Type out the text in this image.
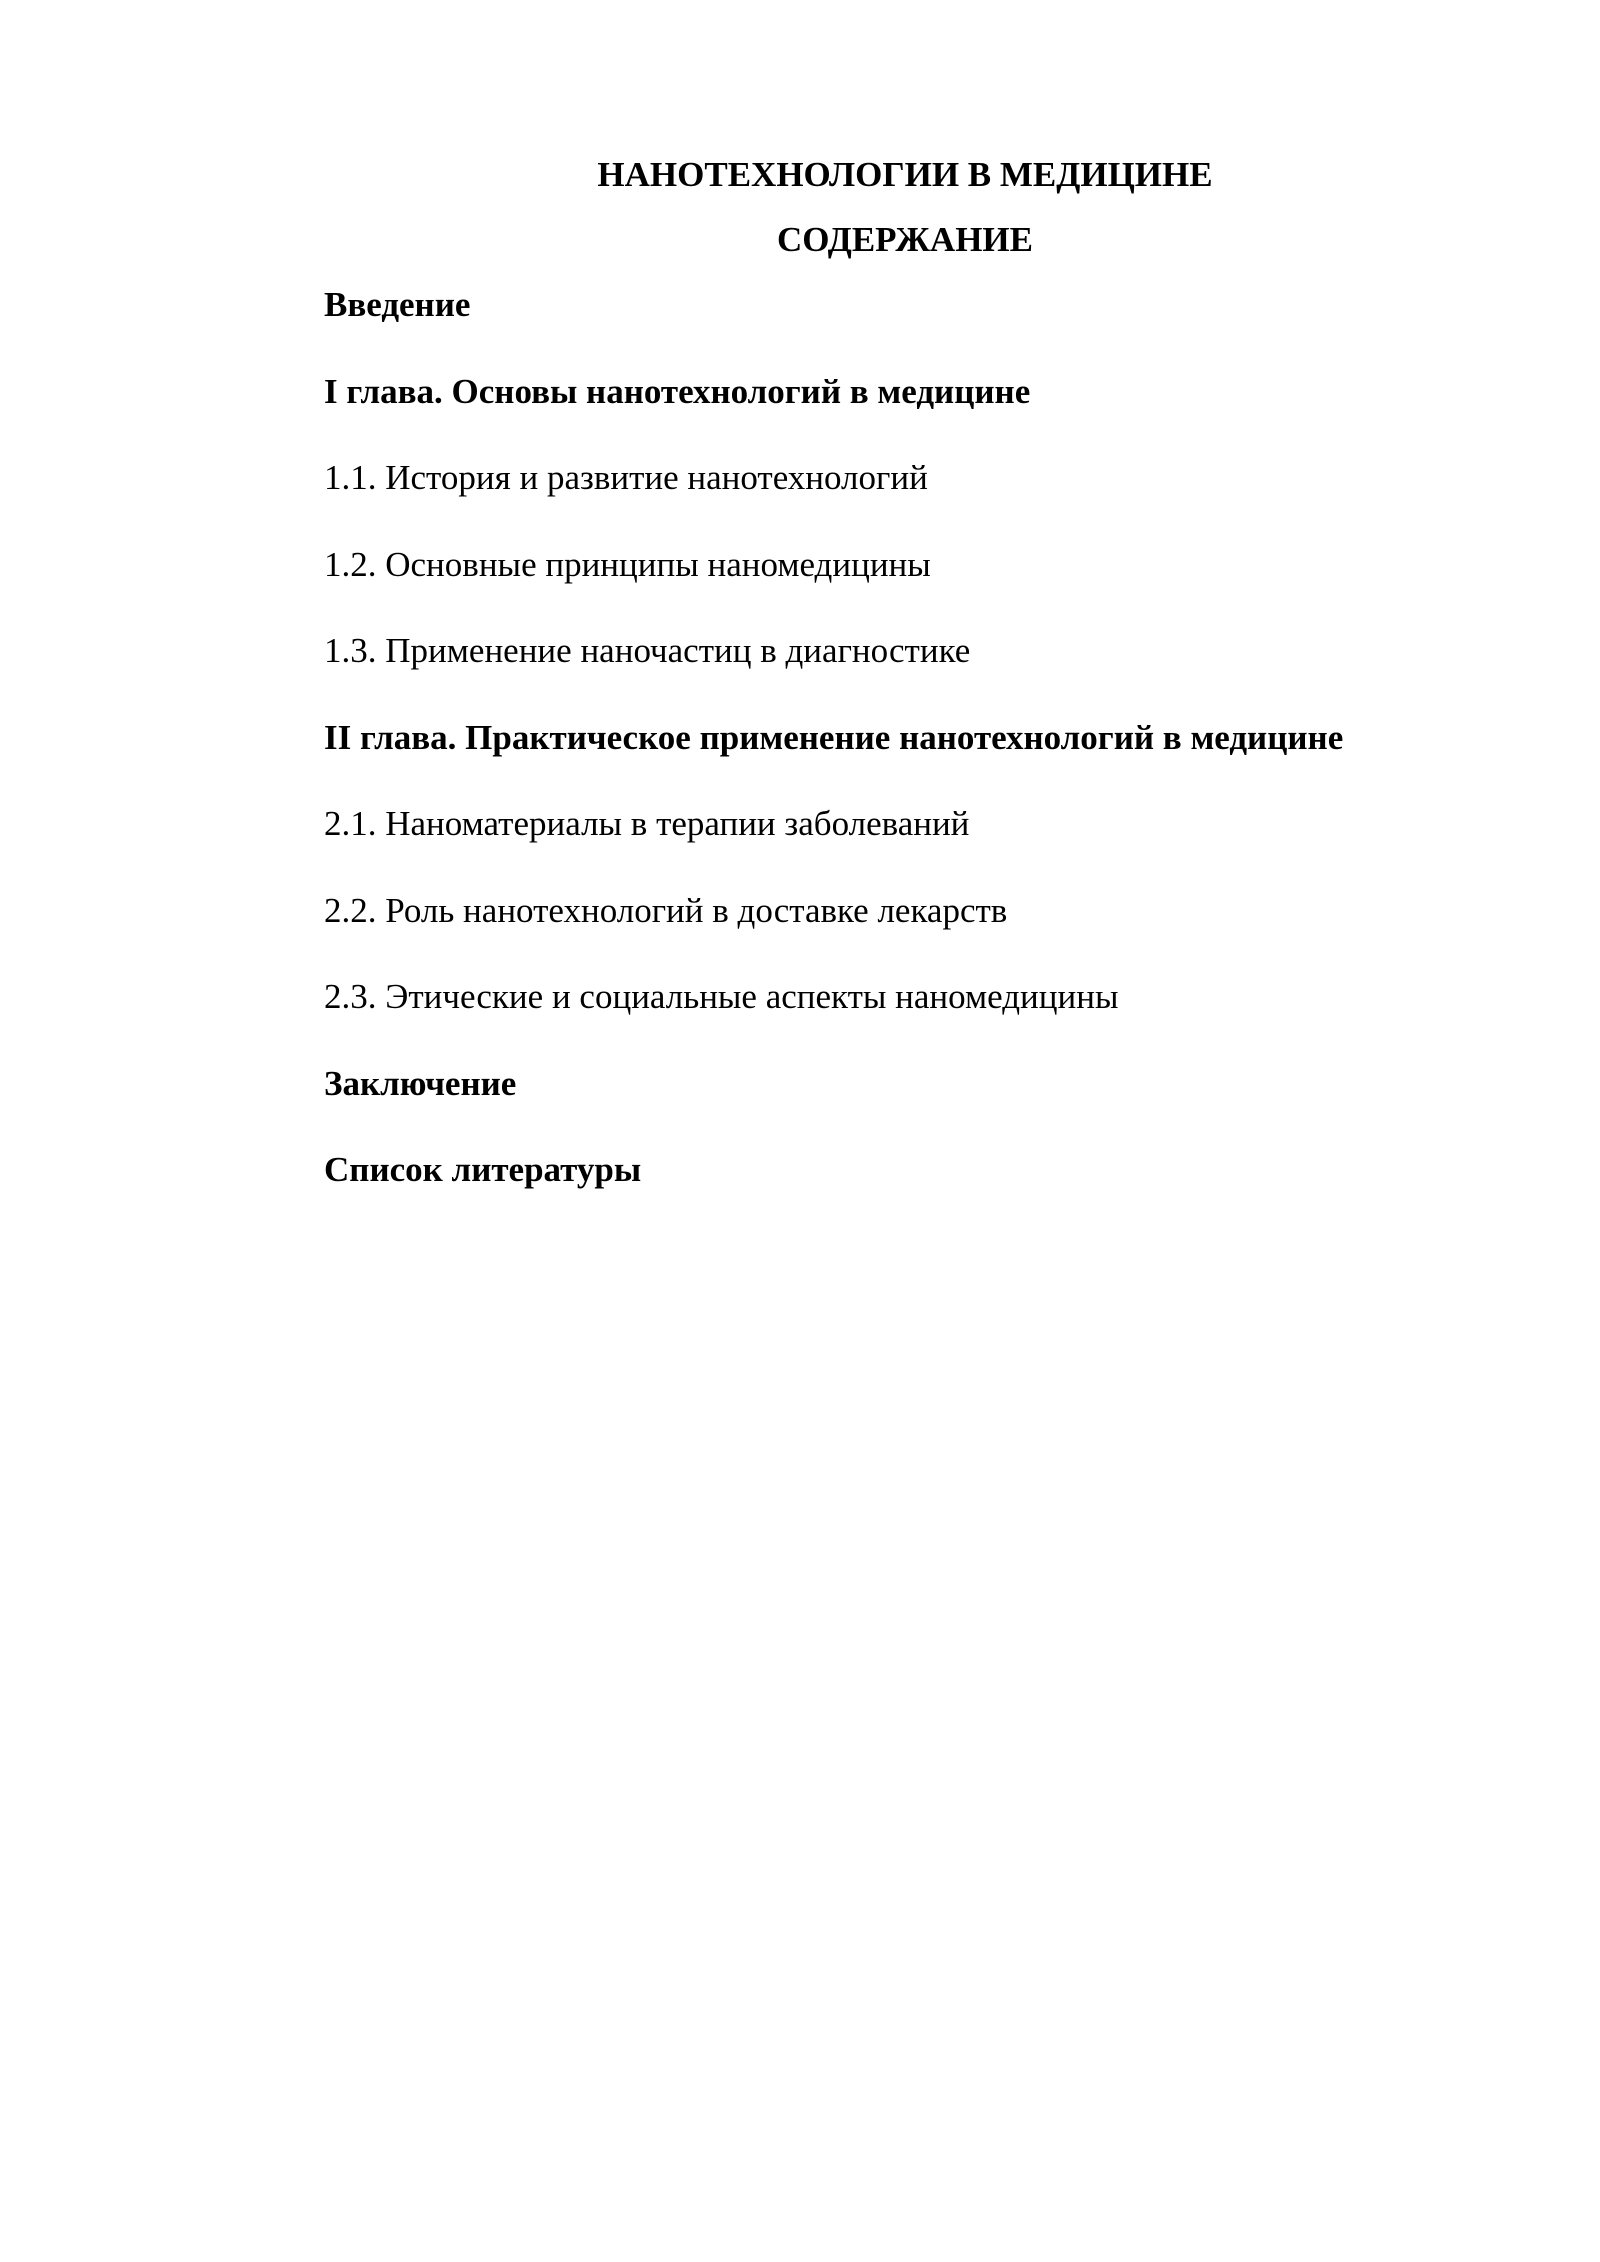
НАНОТЕХНОЛОГИИ В МЕДИЦИНЕ
СОДЕРЖАНИЕ
Введение
I глава. Основы нанотехнологий в медицине
1.1. История и развитие нанотехнологий
1.2. Основные принципы наномедицины
1.3. Применение наночастиц в диагностике
II глава. Практическое применение нанотехнологий в медицине
2.1. Наноматериалы в терапии заболеваний
2.2. Роль нанотехнологий в доставке лекарств
2.3. Этические и социальные аспекты наномедицины
Заключение
Список литературы
